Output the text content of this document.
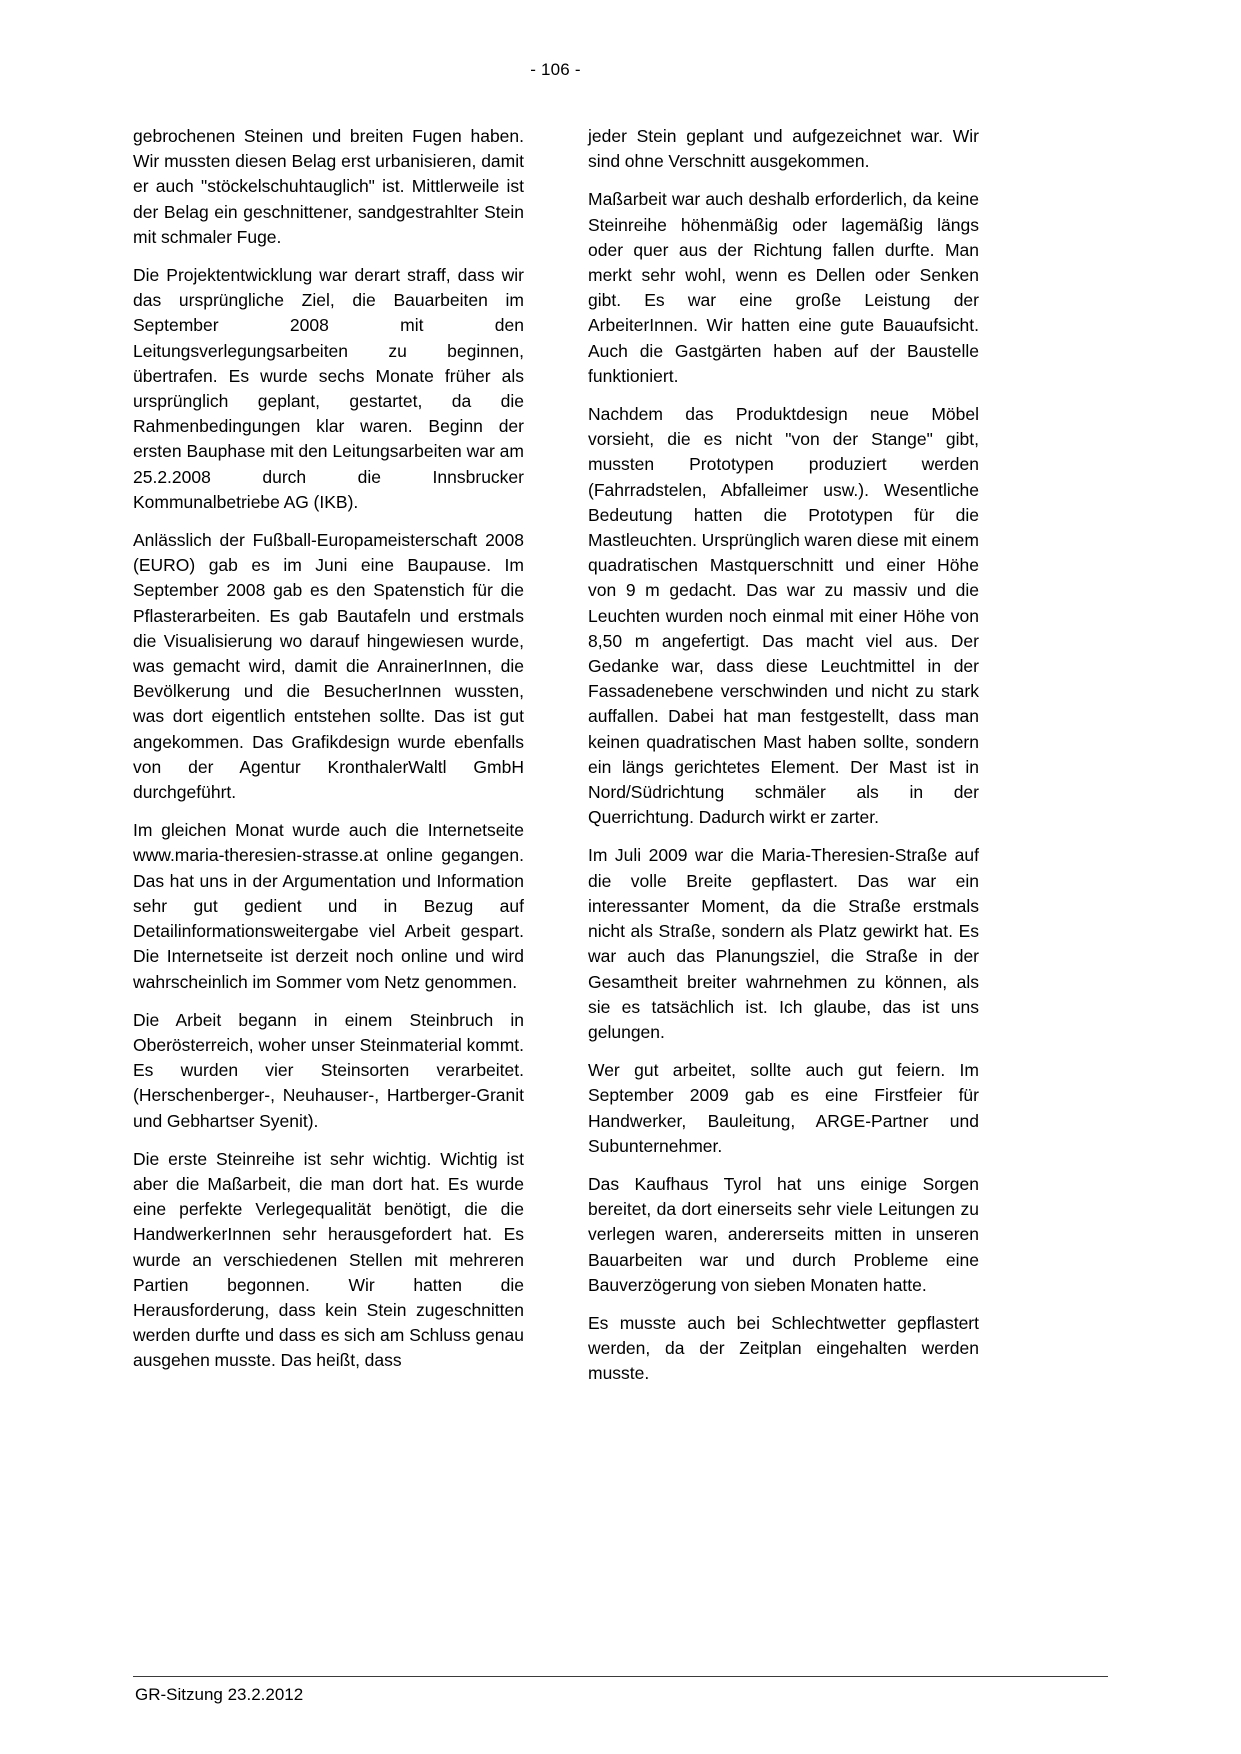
- 106 -

gebrochenen Steinen und breiten Fugen haben. Wir mussten diesen Belag erst urbanisieren, damit er auch "stöckelschuhtauglich" ist. Mittlerweile ist der Belag ein geschnittener, sandgestrahlter Stein mit schmaler Fuge.

Die Projektentwicklung war derart straff, dass wir das ursprüngliche Ziel, die Bauarbeiten im September 2008 mit den Leitungsverlegungsarbeiten zu beginnen, übertrafen. Es wurde sechs Monate früher als ursprünglich geplant, gestartet, da die Rahmenbedingungen klar waren. Beginn der ersten Bauphase mit den Leitungsarbeiten war am 25.2.2008 durch die Innsbrucker Kommunalbetriebe AG (IKB).

Anlässlich der Fußball-Europameisterschaft 2008 (EURO) gab es im Juni eine Baupause. Im September 2008 gab es den Spatenstich für die Pflasterarbeiten. Es gab Bautafeln und erstmals die Visualisierung wo darauf hingewiesen wurde, was gemacht wird, damit die AnrainerInnen, die Bevölkerung und die BesucherInnen wussten, was dort eigentlich entstehen sollte. Das ist gut angekommen. Das Grafikdesign wurde ebenfalls von der Agentur KronthalerWaltl GmbH durchgeführt.

Im gleichen Monat wurde auch die Internetseite www.maria-theresien-strasse.at online gegangen. Das hat uns in der Argumentation und Information sehr gut gedient und in Bezug auf Detailinformationsweitergabe viel Arbeit gespart. Die Internetseite ist derzeit noch online und wird wahrscheinlich im Sommer vom Netz genommen.

Die Arbeit begann in einem Steinbruch in Oberösterreich, woher unser Steinmaterial kommt. Es wurden vier Steinsorten verarbeitet. (Herschenberger-, Neuhauser-, Hartberger-Granit und Gebhartser Syenit).

Die erste Steinreihe ist sehr wichtig. Wichtig ist aber die Maßarbeit, die man dort hat. Es wurde eine perfekte Verlegequalität benötigt, die die HandwerkerInnen sehr herausgefordert hat. Es wurde an verschiedenen Stellen mit mehreren Partien begonnen. Wir hatten die Herausforderung, dass kein Stein zugeschnitten werden durfte und dass es sich am Schluss genau ausgehen musste. Das heißt, dass

jeder Stein geplant und aufgezeichnet war. Wir sind ohne Verschnitt ausgekommen.

Maßarbeit war auch deshalb erforderlich, da keine Steinreihe höhenmäßig oder lagemäßig längs oder quer aus der Richtung fallen durfte. Man merkt sehr wohl, wenn es Dellen oder Senken gibt. Es war eine große Leistung der ArbeiterInnen. Wir hatten eine gute Bauaufsicht. Auch die Gastgärten haben auf der Baustelle funktioniert.

Nachdem das Produktdesign neue Möbel vorsieht, die es nicht "von der Stange" gibt, mussten Prototypen produziert werden (Fahrradstelen, Abfalleimer usw.). Wesentliche Bedeutung hatten die Prototypen für die Mastleuchten. Ursprünglich waren diese mit einem quadratischen Mastquerschnitt und einer Höhe von 9 m gedacht. Das war zu massiv und die Leuchten wurden noch einmal mit einer Höhe von 8,50 m angefertigt. Das macht viel aus. Der Gedanke war, dass diese Leuchtmittel in der Fassadenebene verschwinden und nicht zu stark auffallen. Dabei hat man festgestellt, dass man keinen quadratischen Mast haben sollte, sondern ein längs gerichtetes Element. Der Mast ist in Nord/Südrichtung schmäler als in der Querrichtung. Dadurch wirkt er zarter.

Im Juli 2009 war die Maria-Theresien-Straße auf die volle Breite gepflastert. Das war ein interessanter Moment, da die Straße erstmals nicht als Straße, sondern als Platz gewirkt hat. Es war auch das Planungsziel, die Straße in der Gesamtheit breiter wahrnehmen zu können, als sie es tatsächlich ist. Ich glaube, das ist uns gelungen.

Wer gut arbeitet, sollte auch gut feiern. Im September 2009 gab es eine Firstfeier für Handwerker, Bauleitung, ARGE-Partner und Subunternehmer.

Das Kaufhaus Tyrol hat uns einige Sorgen bereitet, da dort einerseits sehr viele Leitungen zu verlegen waren, andererseits mitten in unseren Bauarbeiten war und durch Probleme eine Bauverzögerung von sieben Monaten hatte.

Es musste auch bei Schlechtwetter gepflastert werden, da der Zeitplan eingehalten werden musste.

GR-Sitzung 23.2.2012
